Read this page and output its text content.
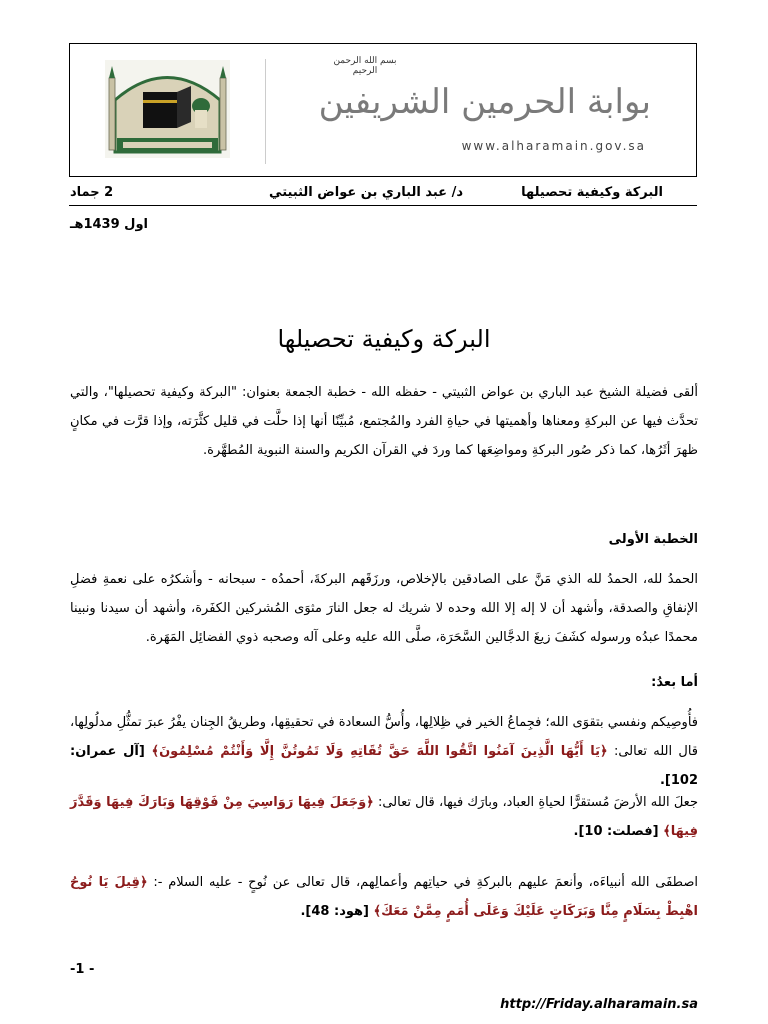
بسم الله الرحمن الرحيم
بوابة الحرمين الشريفين
www.alharamain.gov.sa
البركة وكيفية تحصيلها
د/ عبد الباري بن عواض الثبيتي
2 جماد
اول 1439هـ
البركة وكيفية تحصيلها
ألقى فضيلة الشيخ عبد الباري بن عواض الثبيتي - حفظه الله - خطبة الجمعة بعنوان: "البركة وكيفية تحصيلها"، والتي تحدَّث فيها عن البركةِ ومعناها وأهميتها في حياةِ الفرد والمُجتمع، مُبيِّنًا أنها إذا حلَّت في قليل كثَّرَته، وإذا قرَّت في مكانٍ ظهرَ أثَرُها، كما ذكر صُور البركةِ ومواضِعَها كما وردَ في القرآن الكريم والسنة النبوية المُطهَّرة.
الخطبة الأولى
الحمدُ لله، الحمدُ لله الذي مَنَّ على الصادقين بالإخلاص، ورزَقَهم البركةَ، أحمدُه - سبحانه - وأشكرُه على نعمةِ فضلِ الإنفاقِ والصدقة، وأشهد أن لا إله إلا الله وحده لا شريك له جعل النارَ مثوَى المُشركين الكفَرة، وأشهد أن سيدنا ونبينا محمدًا عبدُه ورسوله كشَفَ زيغَ الدجَّالين السَّحَرَة، صلَّى الله عليه وعلى آله وصحبه ذوي الفضائِل المَهَرة.
أما بعدُ:
فأُوصِيكم ونفسي بتقوَى الله؛ فجِماعُ الخير في ظِلالِها، وأُسُّ السعادة في تحقيقِها، وطريقُ الجِنان يفْرُ عبرَ تمثُّلِ مدلُولِها، قال الله تعالى: ﴿يَا أَيُّهَا الَّذِينَ آمَنُوا اتَّقُوا اللَّهَ حَقَّ تُقَاتِهِ وَلَا تَمُوتُنَّ إِلَّا وَأَنْتُمْ مُسْلِمُونَ﴾ [آل عمران: 102].
جعلَ الله الأرضَ مُستقرًّا لحياةِ العباد، وبارَك فيها، قال تعالى: ﴿وَجَعَلَ فِيهَا رَوَاسِيَ مِنْ فَوْقِهَا وَبَارَكَ فِيهَا وَقَدَّرَ فِيهَا﴾ [فصلت: 10].
اصطفَى الله أنبياءَه، وأنعمَ عليهم بالبركةِ في حياتِهم وأعمالِهم، قال تعالى عن نُوحٍ - عليه السلام -: ﴿قِيلَ يَا نُوحُ اهْبِطْ بِسَلَامٍ مِنَّا وَبَرَكَاتٍ عَلَيْكَ وَعَلَى أُمَمٍ مِمَّنْ مَعَكَ﴾ [هود: 48].
-1 -
http://Friday.alharamain.sa
